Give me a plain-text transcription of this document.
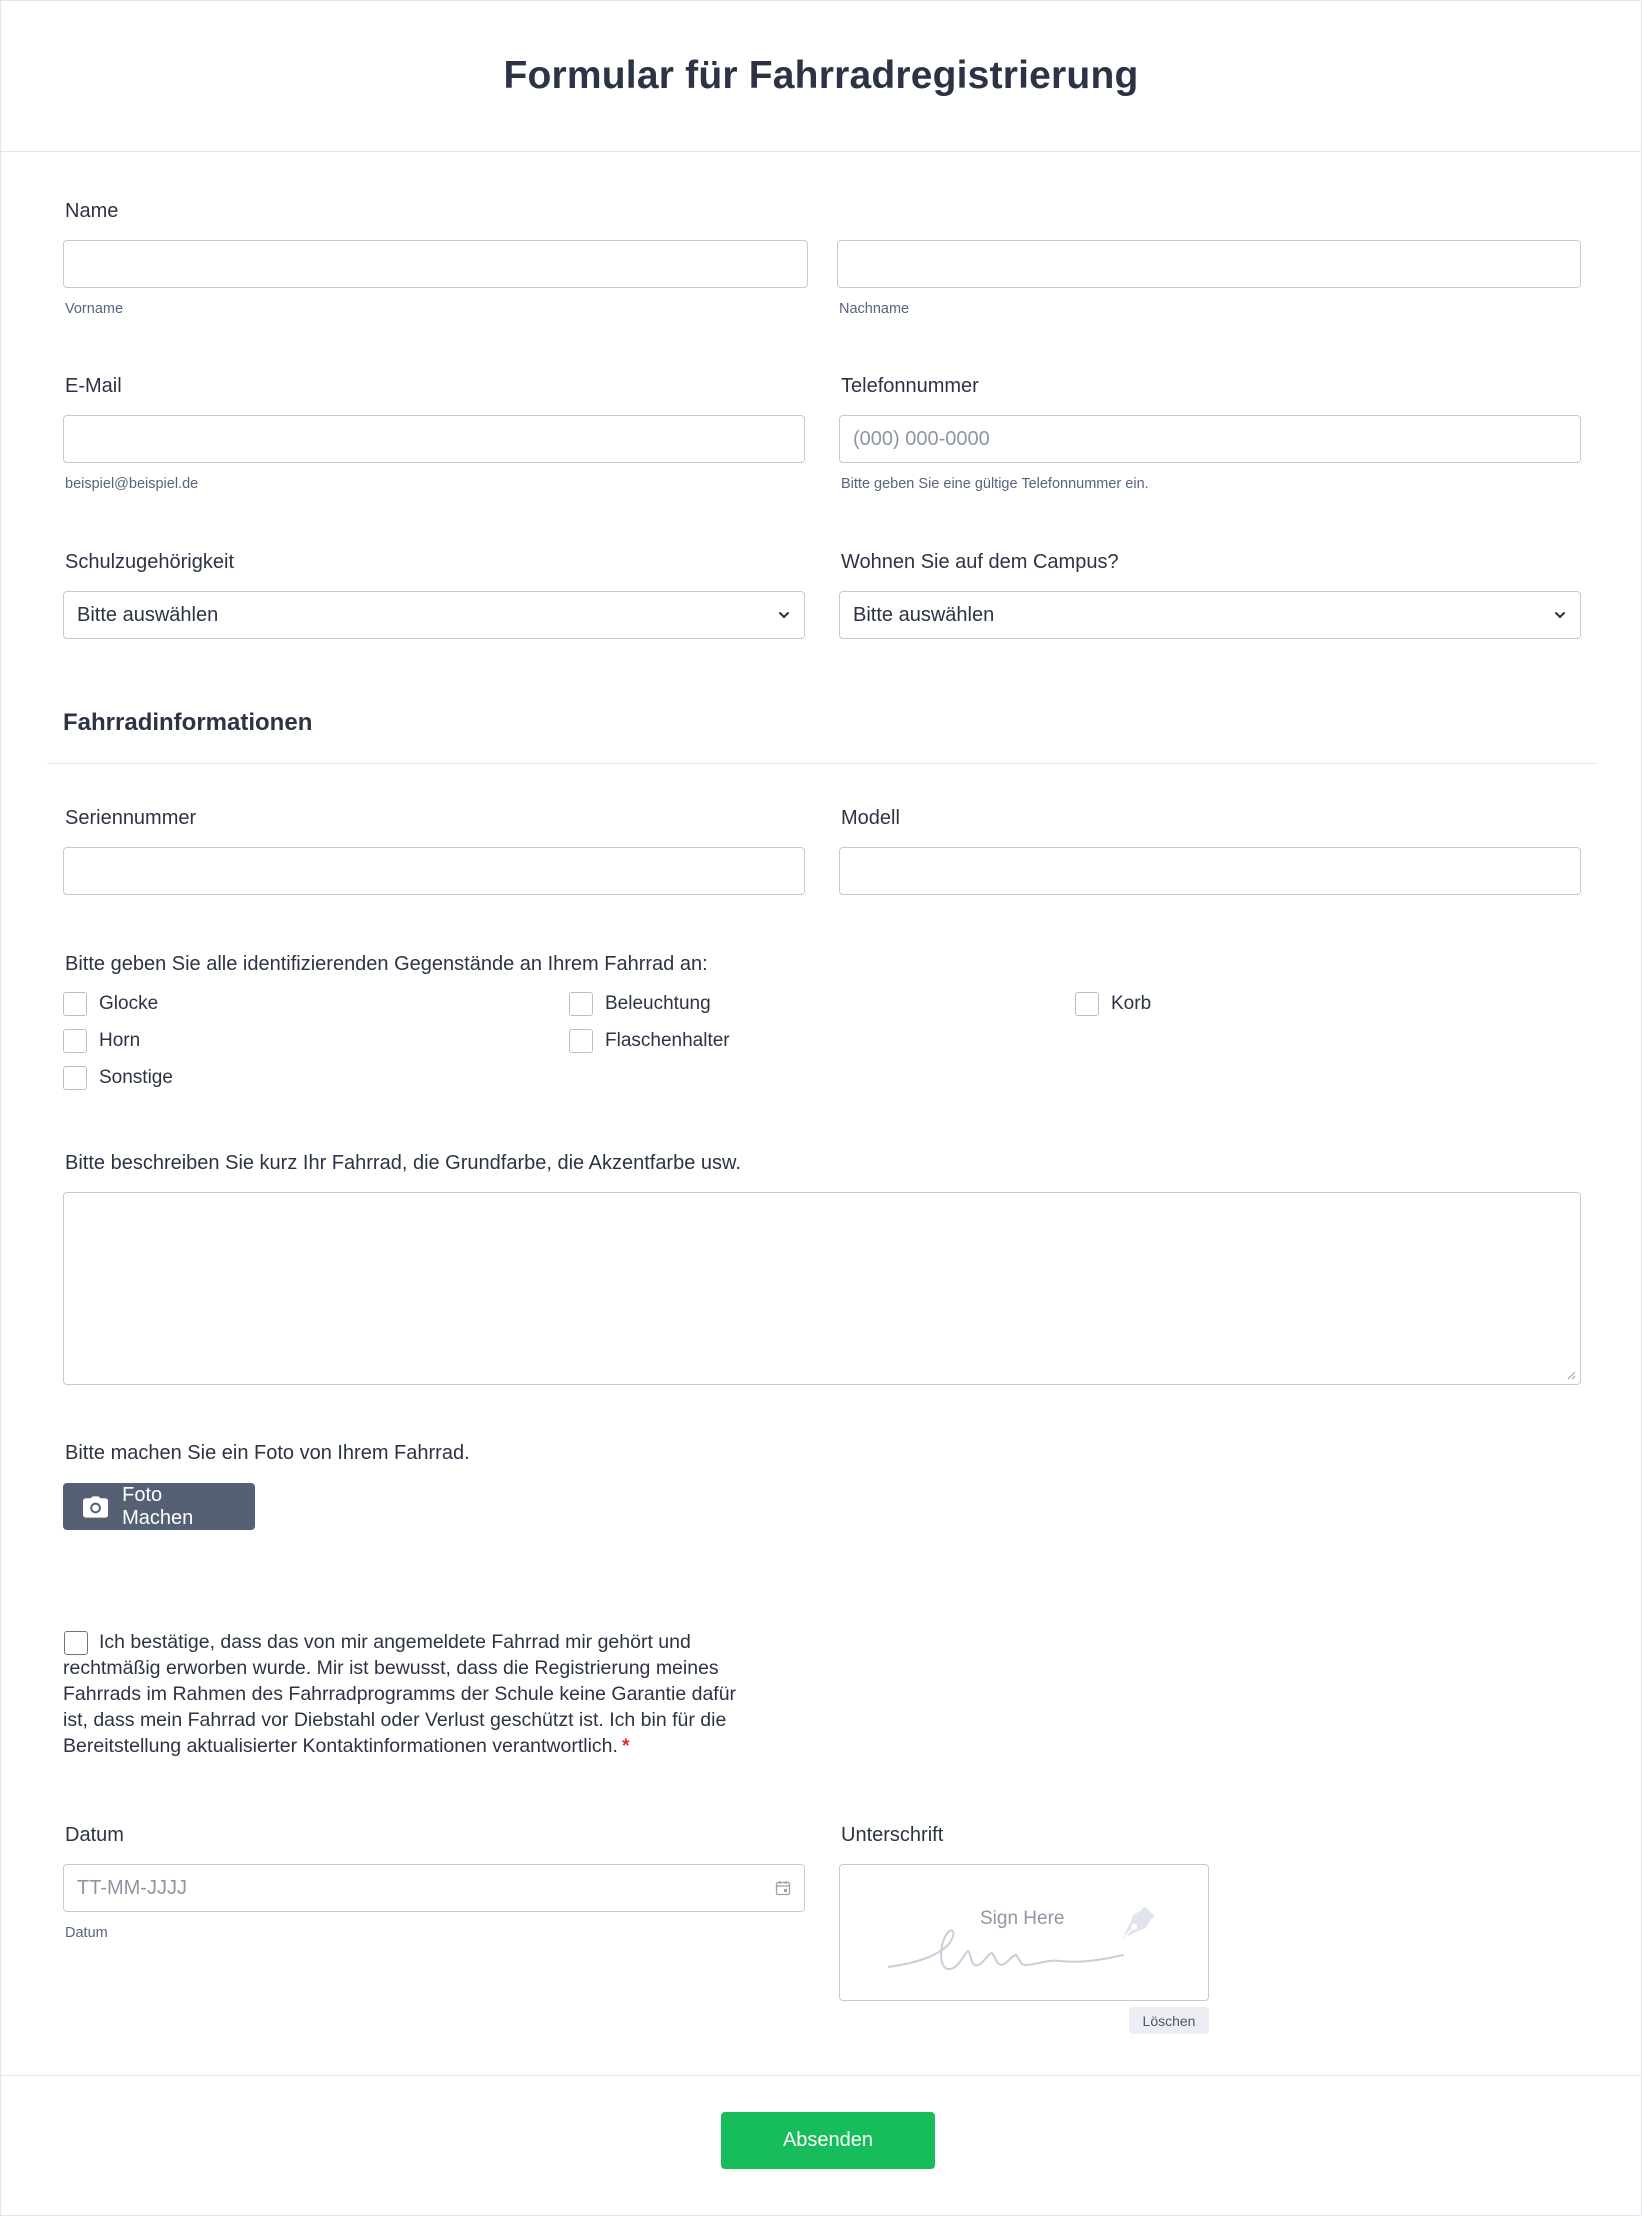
Formular für Fahrradregistrierung
Name
Vorname	Nachname
E-Mail
beispiel@beispiel.de
Telefonnummer
(000) 000-0000
Bitte geben Sie eine gültige Telefonnummer ein.
Schulzugehörigkeit
Bitte auswählen
Wohnen Sie auf dem Campus?
Bitte auswählen
Fahrradinformationen
Seriennummer	Modell
Bitte geben Sie alle identifizierenden Gegenstände an Ihrem Fahrrad an:
Glocke	Beleuchtung	Korb
Horn	Flaschenhalter
Sonstige
Bitte beschreiben Sie kurz Ihr Fahrrad, die Grundfarbe, die Akzentfarbe usw.
Bitte machen Sie ein Foto von Ihrem Fahrrad.
Foto Machen
Ich bestätige, dass das von mir angemeldete Fahrrad mir gehört und rechtmäßig erworben wurde. Mir ist bewusst, dass die Registrierung meines Fahrrads im Rahmen des Fahrradprogramms der Schule keine Garantie dafür ist, dass mein Fahrrad vor Diebstahl oder Verlust geschützt ist. Ich bin für die Bereitstellung aktualisierter Kontaktinformationen verantwortlich. *
Datum
TT-MM-JJJJ
Datum
Unterschrift
Sign Here
Löschen
Absenden
